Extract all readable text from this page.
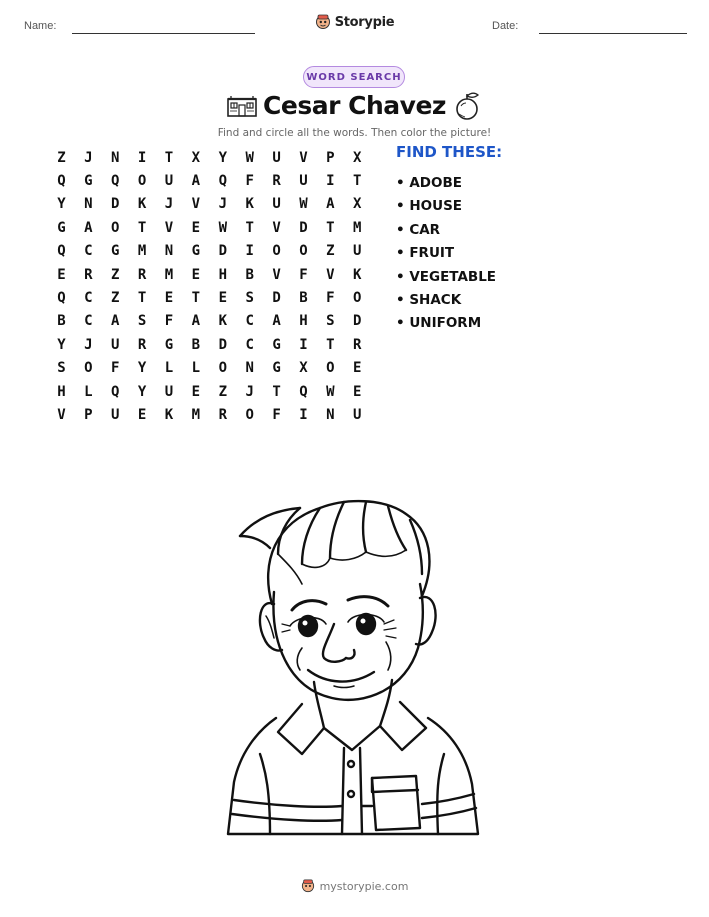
Name:	Storypie	Date:
WORD SEARCH
Cesar Chavez
Find and circle all the words. Then color the picture!
Z	J	N	I	T	X	Y	W	U	V	P	X
Q	G	Q	O	U	A	Q	F	R	U	I	T
Y	N	D	K	J	V	J	K	U	W	A	X
G	A	O	T	V	E	W	T	V	D	T	M
Q	C	G	M	N	G	D	I	O	O	Z	U
E	R	Z	R	M	E	H	B	V	F	V	K
Q	C	Z	T	E	T	E	S	D	B	F	O
B	C	A	S	F	A	K	C	A	H	S	D
Y	J	U	R	G	B	D	C	G	I	T	R
S	O	F	Y	L	L	O	N	G	X	O	E
H	L	Q	Y	U	E	Z	J	T	Q	W	E
V	P	U	E	K	M	R	O	F	I	N	U
FIND THESE:
• ADOBE
• HOUSE
• CAR
• FRUIT
• VEGETABLE
• SHACK
• UNIFORM
mystorypie.com
